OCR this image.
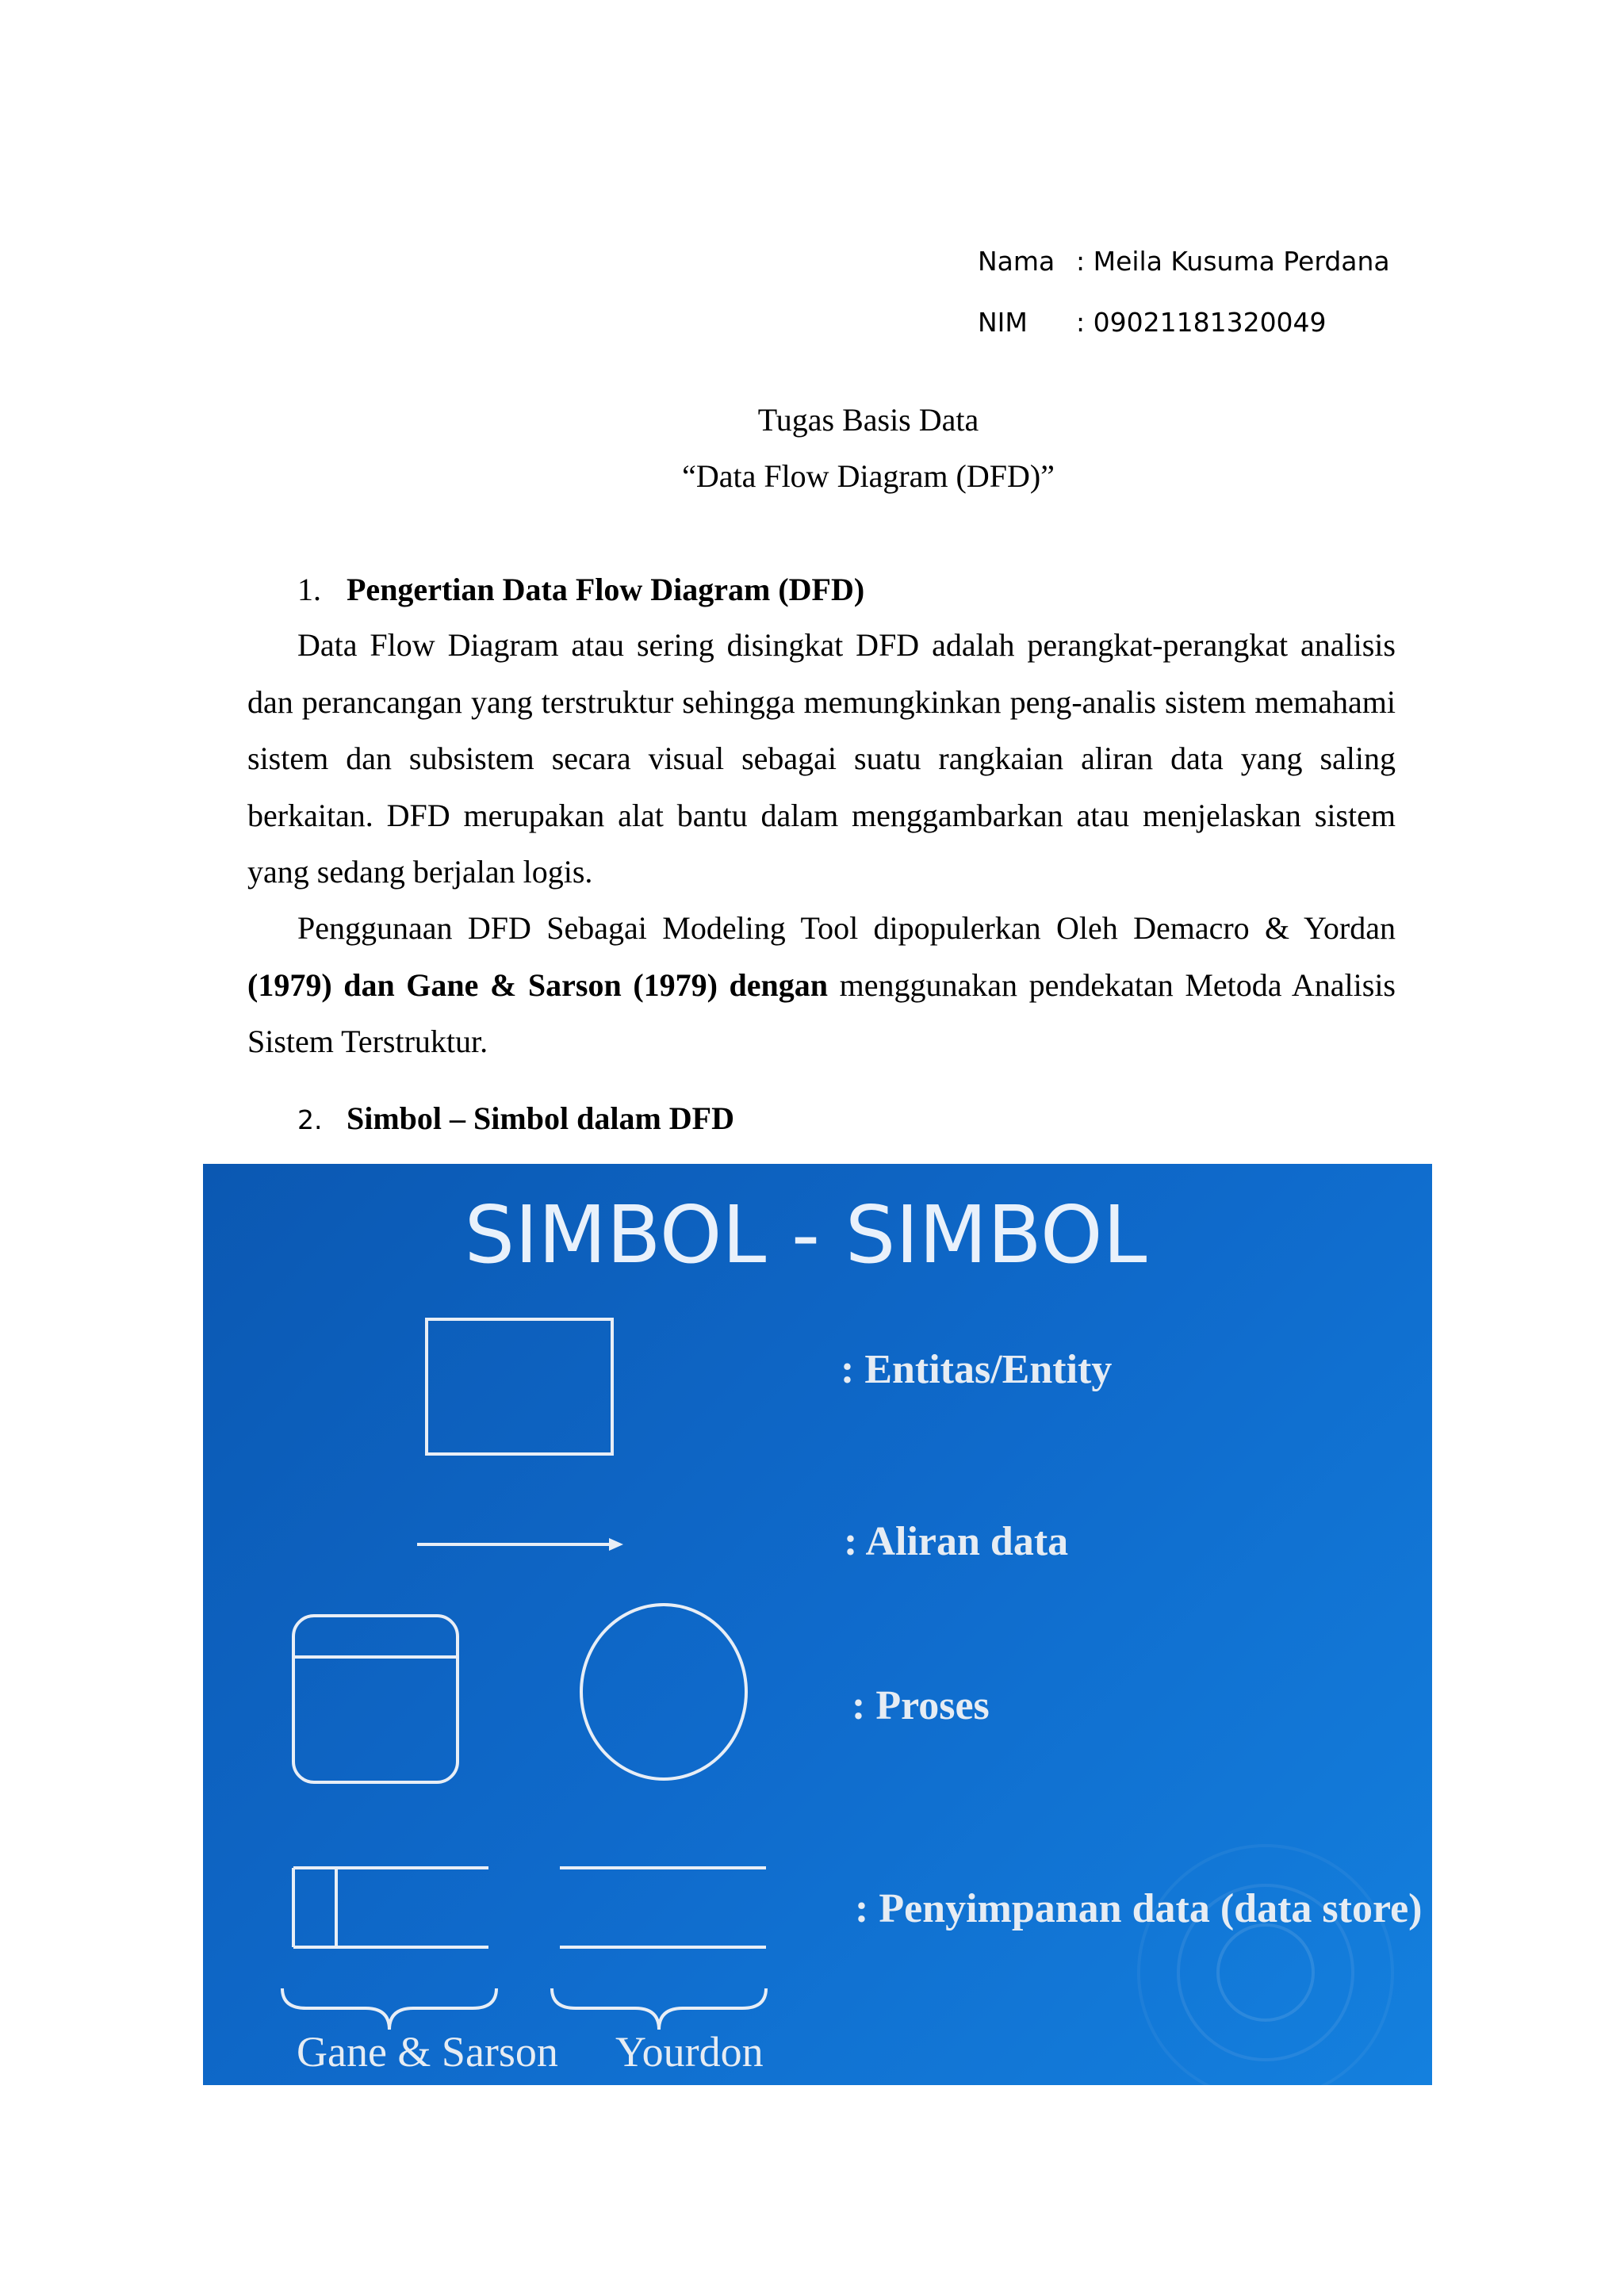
Nama : Meila Kusuma Perdana
NIM : 09021181320049
Tugas Basis Data
“Data Flow Diagram (DFD)”
1. Pengertian Data Flow Diagram (DFD)

Data Flow Diagram atau sering disingkat DFD adalah perangkat-perangkat analisis dan perancangan yang terstruktur sehingga memungkinkan peng-analis sistem memahami sistem dan subsistem secara visual sebagai suatu rangkaian aliran data yang saling berkaitan. DFD merupakan alat bantu dalam menggambarkan atau menjelaskan sistem yang sedang berjalan logis.

Penggunaan DFD Sebagai Modeling Tool dipopulerkan Oleh Demacro & Yordan (1979) dan Gane & Sarson (1979) dengan menggunakan pendekatan Metoda Analisis Sistem Terstruktur.

2. Simbol – Simbol dalam DFD
SIMBOL - SIMBOL
: Entitas/Entity
: Aliran data
: Proses
: Penyimpanan data (data store)
Gane & Sarson Yourdon
